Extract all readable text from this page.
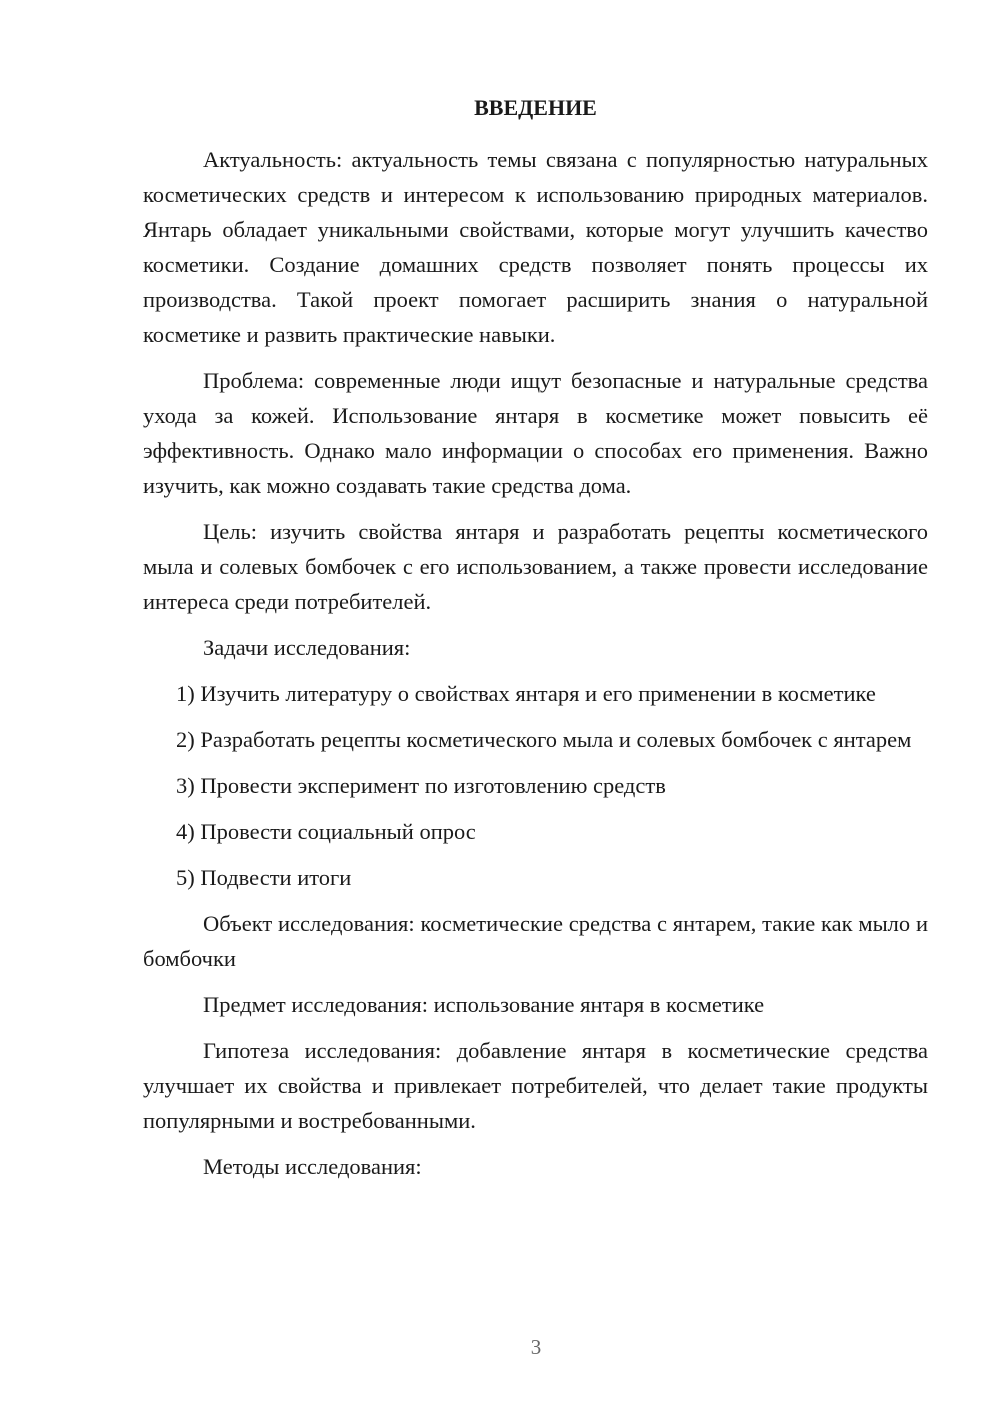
ВВЕДЕНИЕ

Актуальность: актуальность темы связана с популярностью натуральных косметических средств и интересом к использованию природных материалов. Янтарь обладает уникальными свойствами, которые могут улучшить качество косметики. Создание домашних средств позволяет понять процессы их производства. Такой проект помогает расширить знания о натуральной косметике и развить практические навыки.

Проблема: современные люди ищут безопасные и натуральные средства ухода за кожей. Использование янтаря в косметике может повысить её эффективность. Однако мало информации о способах его применения. Важно изучить, как можно создавать такие средства дома.

Цель: изучить свойства янтаря и разработать рецепты косметического мыла и солевых бомбочек с его использованием, а также провести исследование интереса среди потребителей.

Задачи исследования:

1) Изучить литературу о свойствах янтаря и его применении в косметике

2) Разработать рецепты косметического мыла и солевых бомбочек с янтарем

3) Провести эксперимент по изготовлению средств

4) Провести социальный опрос

5) Подвести итоги

Объект исследования: косметические средства с янтарем, такие как мыло и бомбочки

Предмет исследования: использование янтаря в косметике

Гипотеза исследования: добавление янтаря в косметические средства улучшает их свойства и привлекает потребителей, что делает такие продукты популярными и востребованными.

Методы исследования:

3
